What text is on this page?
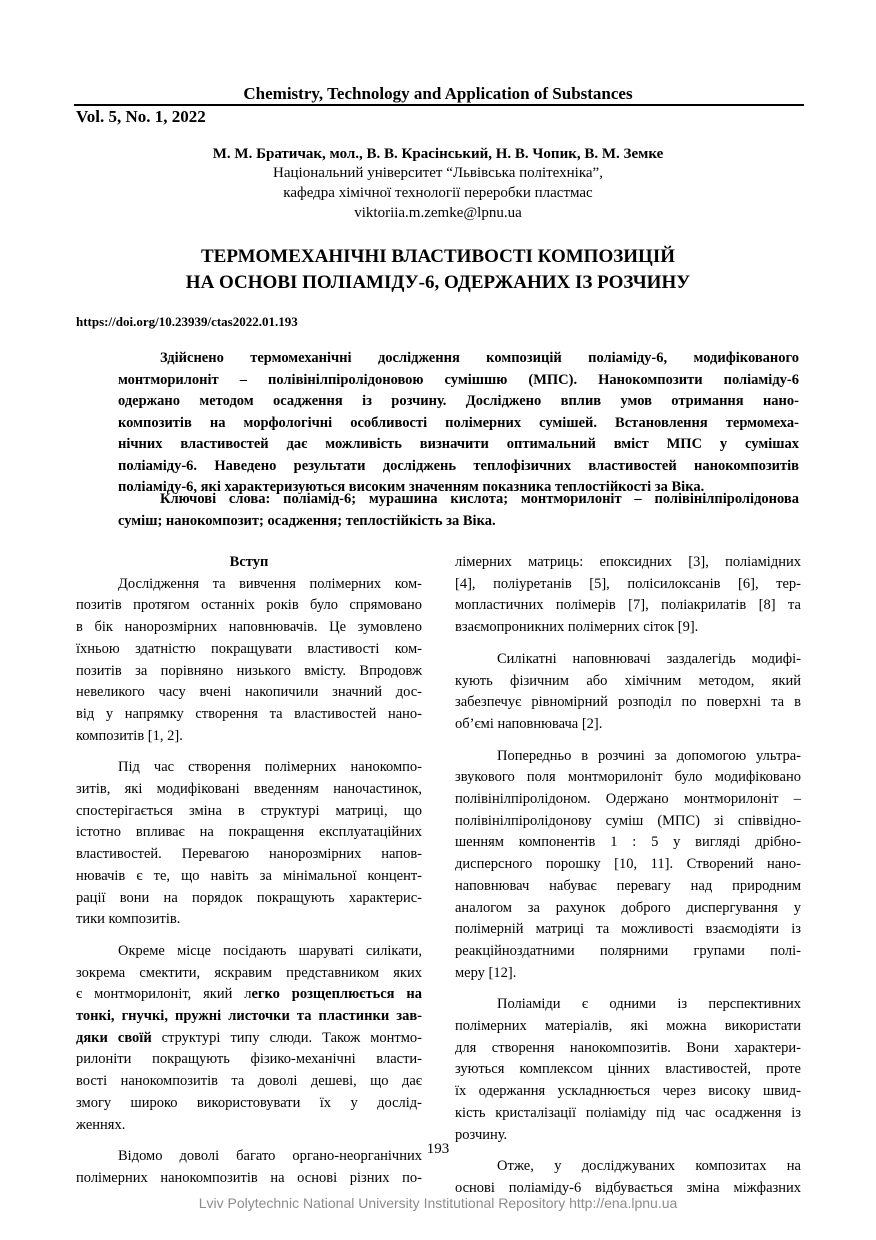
Chemistry, Technology and Application of Substances
Vol. 5, No. 1, 2022
М. М. Братичак, мол., В. В. Красінський, Н. В. Чопик, В. М. Земке
Національний університет “Львівська політехніка”,
кафедра хімічної технології переробки пластмас
viktoriia.m.zemke@lpnu.ua
ТЕРМОМЕХАНІЧНІ ВЛАСТИВОСТІ КОМПОЗИЦІЙ
НА ОСНОВІ ПОЛІАМІДУ-6, ОДЕРЖАНИХ ІЗ РОЗЧИНУ
https://doi.org/10.23939/ctas2022.01.193
Здійснено термомеханічні дослідження композицій поліаміду-6, модифікованого
монтморилоніт – полівінілпіролідоновою сумішшю (МПС). Нанокомпозити поліаміду-6
одержано методом осадження із розчину. Досліджено вплив умов отримання нано-
композитів на морфологічні особливості полімерних сумішей. Встановлення термомеха-
нічних властивостей дає можливість визначити оптимальний вміст МПС у сумішах
поліаміду-6. Наведено результати досліджень теплофізичних властивостей нанокомпозитів
поліаміду-6, які характеризуються високим значенням показника теплостійкості за Віка.
Ключові слова: поліамід-6; мурашина кислота; монтморилоніт – полівінілпіролідонова
суміш; нанокомпозит; осадження; теплостійкість за Віка.
Вступ
Дослідження та вивчення полімерних ком-
позитів протягом останніх років було спрямовано
в бік нанорозмірних наповнювачів. Це зумовлено
їхньою здатністю покращувати властивості ком-
позитів за порівняно низького вмісту. Впродовж
невеликого часу вчені накопичили значний дос-
від у напрямку створення та властивостей нано-
композитів [1, 2].
Під час створення полімерних нанокомпо-
зитів, які модифіковані введенням наночастинок,
спостерігається зміна в структурі матриці, що
істотно впливає на покращення експлуатаційних
властивостей. Перевагою нанорозмірних напов-
нювачів є те, що навіть за мінімальної концент-
рації вони на порядок покращують характерис-
тики композитів.
Окреме місце посідають шаруваті силікати,
зокрема смектити, яскравим представником яких
є монтморилоніт, який легко розщеплюється на
тонкі, гнучкі, пружні листочки та пластинки зав-
дяки своїй структурі типу слюди. Також монтмо-
рилоніти покращують фізико-механічні власти-
вості нанокомпозитів та доволі дешеві, що дає
змогу широко використовувати їх у дослід-
женнях.
Відомо доволі багато органо-неорганічних
полімерних нанокомпозитів на основі різних по-
лімерних матриць: епоксидних [3], поліамідних
[4], поліуретанів [5], полісилоксанів [6], тер-
мопластичних полімерів [7], поліакрилатів [8] та
взаємопроникних полімерних сіток [9].
Силікатні наповнювачі заздалегідь модифі-
кують фізичним або хімічним методом, який
забезпечує рівномірний розподіл по поверхні та в
об’ємі наповнювача [2].
Попередньо в розчині за допомогою ультра-
звукового поля монтморилоніт було модифіковано
полівінілпіролідоном. Одержано монтморилоніт –
полівінілпіролідонову суміш (МПС) зі співвідно-
шенням компонентів 1 : 5 у вигляді дрібно-
дисперсного порошку [10, 11]. Створений нано-
наповнювач набуває перевагу над природним
аналогом за рахунок доброго диспергування у
полімерній матриці та можливості взаємодіяти із
реакційноздатними полярними групами полі-
меру [12].
Поліаміди є одними із перспективних
полімерних матеріалів, які можна використати
для створення нанокомпозитів. Вони характери-
зуються комплексом цінних властивостей, проте
їх одержання ускладнюється через високу швид-
кість кристалізації поліаміду під час осадження із
розчину.
Отже, у досліджуваних композитах на
основі поліаміду-6 відбувається зміна міжфазних
193
Lviv Polytechnic National University Institutional Repository http://ena.lpnu.ua
